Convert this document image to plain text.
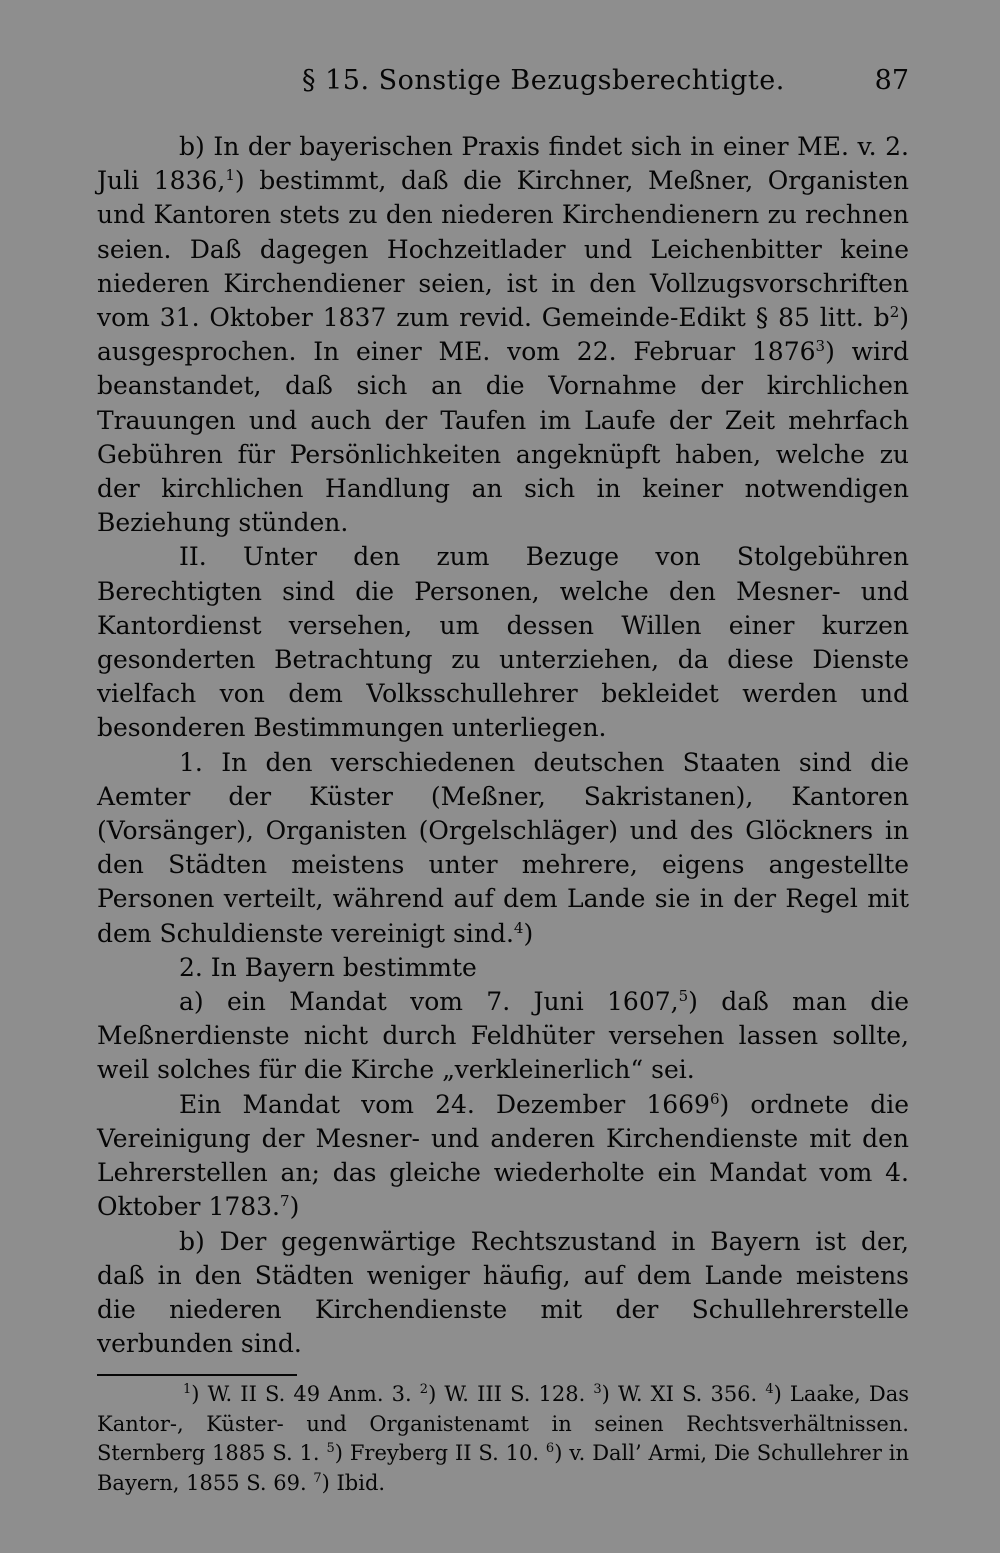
§ 15. Sonstige Bezugsberechtigte.	87

b) In der bayerischen Praxis findet sich in einer ME. v. 2. Juli 1836,$^1$) bestimmt, daß die Kirchner, Meßner, Organisten und Kantoren stets zu den niederen Kirchendienern zu rechnen seien. Daß dagegen Hochzeitlader und Leichenbitter keine niederen Kirchendiener seien, ist in den Vollzugsvorschriften vom 31. Oktober 1837 zum revid. Gemeinde-Edikt § 85 litt. $b^2$) ausgesprochen. In einer ME. vom 22. Februar 1876$^3$) wird beanstandet, daß sich an die Vornahme der kirchlichen Trauungen und auch der Taufen im Laufe der Zeit mehrfach Gebühren für Persönlichkeiten angeknüpft haben, welche zu der kirchlichen Handlung an sich in keiner notwendigen Beziehung stünden.

II. Unter den zum Bezuge von Stolgebühren Berechtigten sind die Personen, welche den Mesner- und Kantordienst versehen, um dessen Willen einer kurzen gesonderten Betrachtung zu unterziehen, da diese Dienste vielfach von dem Volksschullehrer bekleidet werden und besonderen Bestimmungen unterliegen.

1. In den verschiedenen deutschen Staaten sind die Aemter der Küster (Meßner, Sakristanen), Kantoren (Vorsänger), Organisten (Orgelschläger) und des Glöckners in den Städten meistens unter mehrere, eigens angestellte Personen verteilt, während auf dem Lande sie in der Regel mit dem Schuldienste vereinigt sind.$^4$)

2. In Bayern bestimmte

a) ein Mandat vom 7. Juni 1607,$^5$) daß man die Meßnerdienste nicht durch Feldhüter versehen lassen sollte, weil solches für die Kirche „verkleinerlich“ sei.

Ein Mandat vom 24. Dezember 1669$^6$) ordnete die Vereinigung der Mesner- und anderen Kirchendienste mit den Lehrerstellen an; das gleiche wiederholte ein Mandat vom 4. Oktober 1783.$^7$)

b) Der gegenwärtige Rechtszustand in Bayern ist der, daß in den Städten weniger häufig, auf dem Lande meistens die niederen Kirchendienste mit der Schullehrerstelle verbunden sind.

$^1$) W. II S. 49 Anm. 3. $^2$) W. III S. 128. $^3$) W. XI S. 356. $^4$) Laake, Das Kantor-, Küster- und Organistenamt in seinen Rechtsverhältnissen. Sternberg 1885 S. 1. $^5$) Freyberg II S. 10. $^6$) v. Dall’ Armi, Die Schullehrer in Bayern, 1855 S. 69. $^7$) Ibid.
